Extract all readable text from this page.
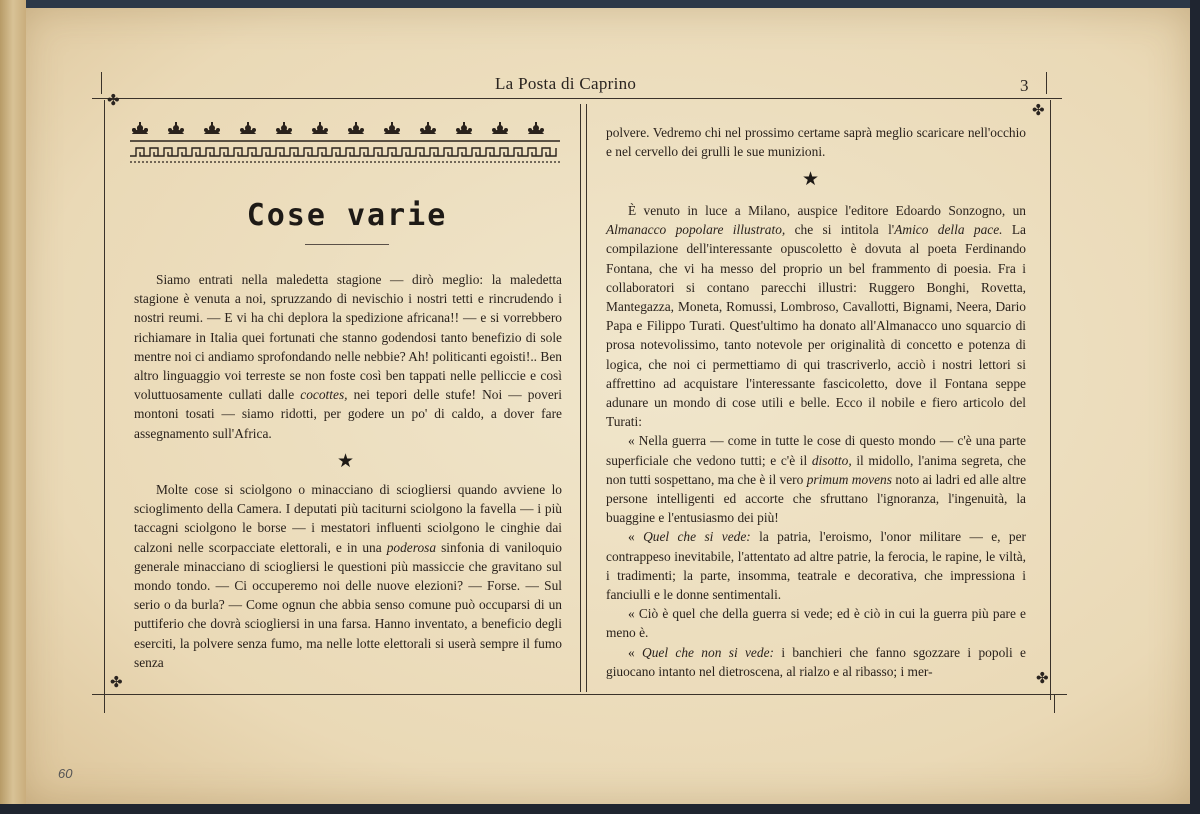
La Posta di Caprino	3
✤
✤
✤	✤
Cose varie

Siamo entrati nella maledetta stagione — dirò meglio: la maledetta stagione è venuta a noi, spruzzando di nevischio i nostri tetti e rincrudendo i nostri reumi. — E vi ha chi deplora la spedizione africana!! — e si vorrebbero richiamare in Italia quei fortunati che stanno godendosi tanto benefizio di sole mentre noi ci andiamo sprofondando nelle nebbie? Ah! politicanti egoisti!.. Ben altro linguaggio voi terreste se non foste così ben tappati nelle pelliccie e così voluttuosamente cullati dalle cocottes, nei tepori delle stufe! Noi — poveri montoni tosati — siamo ridotti, per godere un po' di caldo, a dover fare assegnamento sull'Africa.

★

Molte cose si sciolgono o minacciano di sciogliersi quando avviene lo scioglimento della Camera. I deputati più taciturni sciolgono la favella — i più taccagni sciolgono le borse — i mestatori influenti sciolgono le cinghie dai calzoni nelle scorpacciate elettorali, e in una poderosa sinfonia di vaniloquio generale minacciano di sciogliersi le questioni più massiccie che gravitano sul mondo tondo. — Ci occuperemo noi delle nuove elezioni? — Forse. — Sul serio o da burla? — Come ognun che abbia senso comune può occuparsi di un puttiferio che dovrà sciogliersi in una farsa. Hanno inventato, a beneficio degli eserciti, la polvere senza fumo, ma nelle lotte elettorali si userà sempre il fumo senza

polvere. Vedremo chi nel prossimo certame saprà meglio scaricare nell'occhio e nel cervello dei grulli le sue munizioni.

★

È venuto in luce a Milano, auspice l'editore Edoardo Sonzogno, un Almanacco popolare illustrato, che si intitola l'Amico della pace. La compilazione dell'interessante opuscoletto è dovuta al poeta Ferdinando Fontana, che vi ha messo del proprio un bel frammento di poesia. Fra i collaboratori si contano parecchi illustri: Ruggero Bonghi, Rovetta, Mantegazza, Moneta, Romussi, Lombroso, Cavallotti, Bignami, Neera, Dario Papa e Filippo Turati. Quest'ultimo ha donato all'Almanacco uno squarcio di prosa notevolissimo, tanto notevole per originalità di concetto e potenza di logica, che noi ci permettiamo di qui trascriverlo, acciò i nostri lettori si affrettino ad acquistare l'interessante fascicoletto, dove il Fontana seppe adunare un mondo di cose utili e belle. Ecco il nobile e fiero articolo del Turati:

« Nella guerra — come in tutte le cose di questo mondo — c'è una parte superficiale che vedono tutti; e c'è il disotto, il midollo, l'anima segreta, che non tutti sospettano, ma che è il vero primum movens noto ai ladri ed alle altre persone intelligenti ed accorte che sfruttano l'ignoranza, l'ingenuità, la buaggine e l'entusiasmo dei più!

« Quel che si vede: la patria, l'eroismo, l'onor militare — e, per contrappeso inevitabile, l'attentato ad altre patrie, la ferocia, le rapine, le viltà, i tradimenti; la parte, insomma, teatrale e decorativa, che impressiona i fanciulli e le donne sentimentali.

« Ciò è quel che della guerra si vede; ed è ciò in cui la guerra più pare e meno è.

« Quel che non si vede: i banchieri che fanno sgozzare i popoli e giuocano intanto nel dietroscena, al rialzo e al ribasso; i mer-

60
